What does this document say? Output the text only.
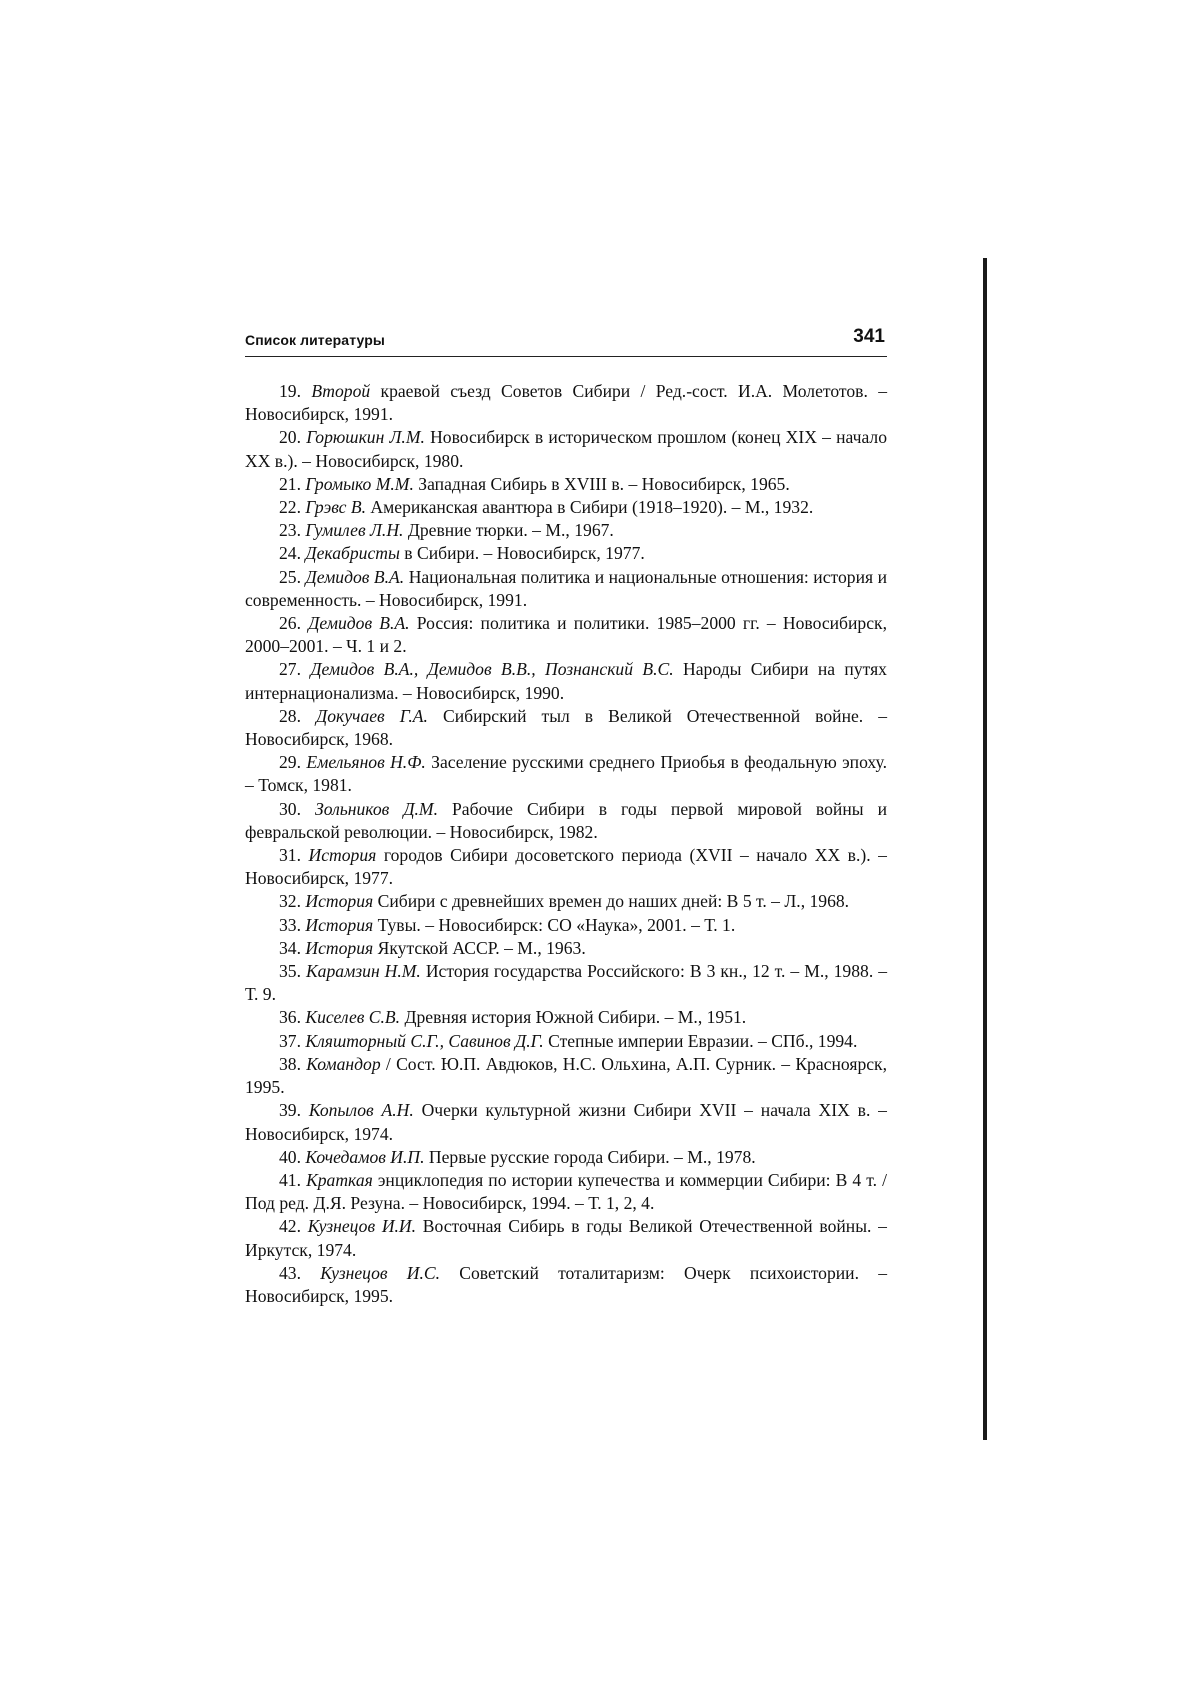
Список литературы	341

19. Второй краевой съезд Советов Сибири / Ред.-сост. И.А. Молетотов. – Новосибирск, 1991.

20. Горюшкин Л.М. Новосибирск в историческом прошлом (конец XIX – начало XX в.). – Новосибирск, 1980.

21. Громыко М.М. Западная Сибирь в XVIII в. – Новосибирск, 1965.

22. Грэвс В. Американская авантюра в Сибири (1918–1920). – М., 1932.

23. Гумилев Л.Н. Древние тюрки. – М., 1967.

24. Декабристы в Сибири. – Новосибирск, 1977.

25. Демидов В.А. Национальная политика и национальные отношения: история и современность. – Новосибирск, 1991.

26. Демидов В.А. Россия: политика и политики. 1985–2000 гг. – Новосибирск, 2000–2001. – Ч. 1 и 2.

27. Демидов В.А., Демидов В.В., Познанский В.С. Народы Сибири на путях интернационализма. – Новосибирск, 1990.

28. Докучаев Г.А. Сибирский тыл в Великой Отечественной войне. – Новосибирск, 1968.

29. Емельянов Н.Ф. Заселение русскими среднего Приобья в феодальную эпоху. – Томск, 1981.

30. Зольников Д.М. Рабочие Сибири в годы первой мировой войны и февральской революции. – Новосибирск, 1982.

31. История городов Сибири досоветского периода (XVII – начало XX в.). – Новосибирск, 1977.

32. История Сибири с древнейших времен до наших дней: В 5 т. – Л., 1968.

33. История Тувы. – Новосибирск: СО «Наука», 2001. – Т. 1.

34. История Якутской АССР. – М., 1963.

35. Карамзин Н.М. История государства Российского: В 3 кн., 12 т. – М., 1988. – Т. 9.

36. Киселев С.В. Древняя история Южной Сибири. – М., 1951.

37. Кляшторный С.Г., Савинов Д.Г. Степные империи Евразии. – СПб., 1994.

38. Командор / Сост. Ю.П. Авдюков, Н.С. Ольхина, А.П. Сурник. – Красноярск, 1995.

39. Копылов А.Н. Очерки культурной жизни Сибири XVII – начала XIX в. – Новосибирск, 1974.

40. Кочедамов И.П. Первые русские города Сибири. – М., 1978.

41. Краткая энциклопедия по истории купечества и коммерции Сибири: В 4 т. / Под ред. Д.Я. Резуна. – Новосибирск, 1994. – Т. 1, 2, 4.

42. Кузнецов И.И. Восточная Сибирь в годы Великой Отечественной войны. – Иркутск, 1974.

43. Кузнецов И.С. Советский тоталитаризм: Очерк психоистории. – Новосибирск, 1995.
